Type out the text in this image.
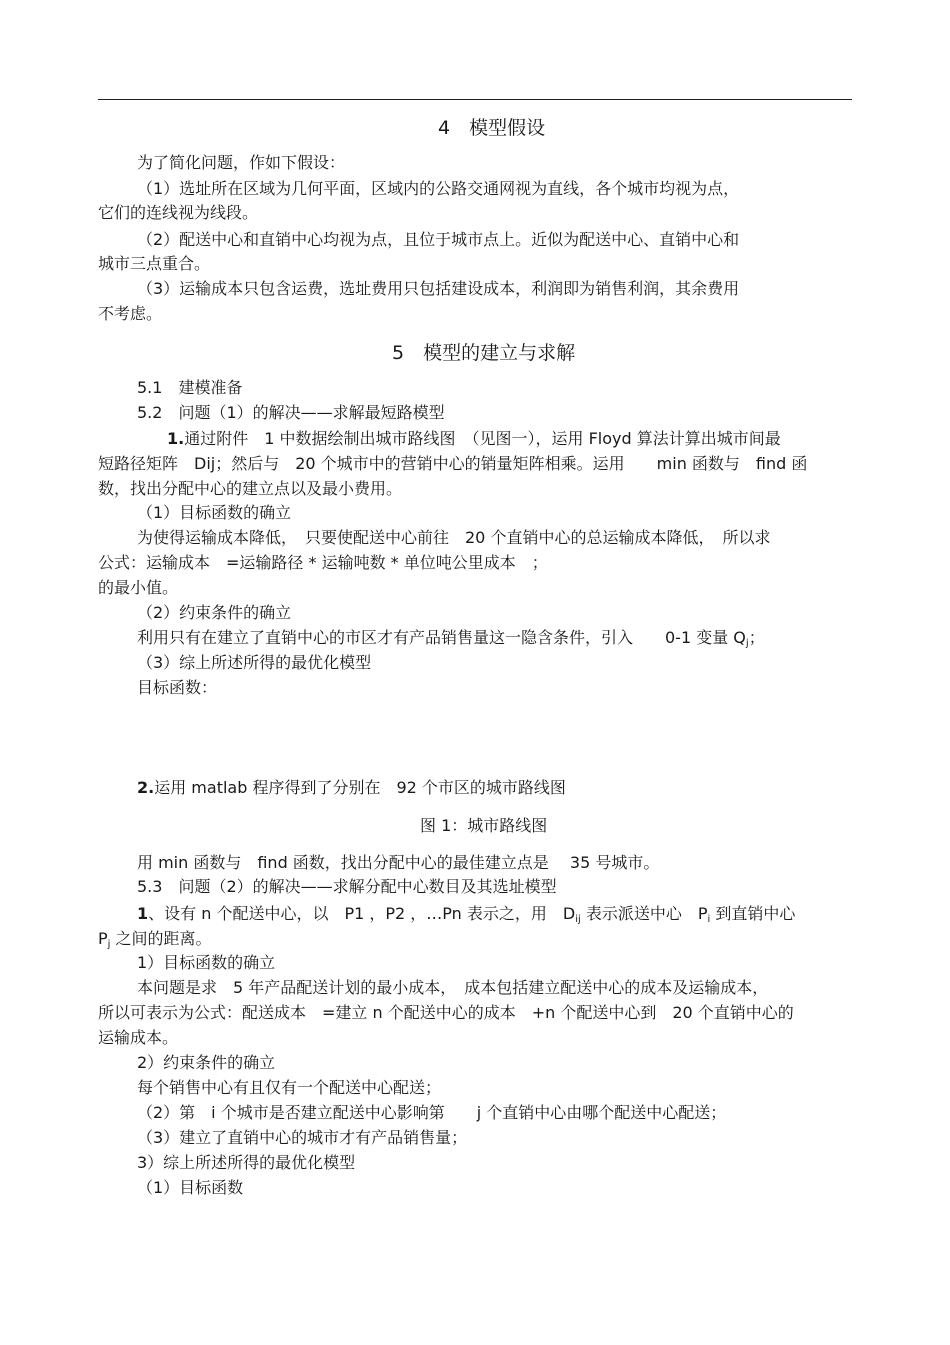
4　模型假设
为了简化问题，作如下假设：
（1）选址所在区域为几何平面，区域内的公路交通网视为直线，各个城市均视为点，
它们的连线视为线段。
（2）配送中心和直销中心均视为点，且位于城市点上。近似为配送中心、直销中心和
城市三点重合。
（3）运输成本只包含运费，选址费用只包括建设成本，利润即为销售利润，其余费用
不考虑。
5　模型的建立与求解
5.1　建模准备
5.2　问题（1）的解决——求解最短路模型
1.通过附件　1 中数据绘制出城市路线图　（见图一），运用 Floyd 算法计算出城市间最
短路径矩阵　Dij；然后与　20 个城市中的营销中心的销量矩阵相乘。运用　　min 函数与　find 函
数，找出分配中心的建立点以及最小费用。
（1）目标函数的确立
为使得运输成本降低，　只要使配送中心前往　20 个直销中心的总运输成本降低，　所以求
公式：运输成本　=运输路径 * 运输吨数 * 单位吨公里成本　；
的最小值。
（2）约束条件的确立
利用只有在建立了直销中心的市区才有产品销售量这一隐含条件，引入　　0-1 变量 $Q_j$；
（3）综上所述所得的最优化模型
目标函数：
2.运用 matlab 程序得到了分别在　92 个市区的城市路线图
图 1：城市路线图
用 min 函数与　find 函数，找出分配中心的最佳建立点是　 35 号城市。
5.3　问题（2）的解决——求解分配中心数目及其选址模型
1、设有 n 个配送中心，以　P1 ，P2 ，…Pn 表示之，用　$D_{ij}$ 表示派送中心　$P_i$ 到直销中心
$P_j$ 之间的距离。
1）目标函数的确立
本问题是求　5 年产品配送计划的最小成本，　成本包括建立配送中心的成本及运输成本，
所以可表示为公式：配送成本　=建立 n 个配送中心的成本　+n 个配送中心到　20 个直销中心的
运输成本。
2）约束条件的确立
每个销售中心有且仅有一个配送中心配送；
（2）第　i 个城市是否建立配送中心影响第　　j 个直销中心由哪个配送中心配送；
（3）建立了直销中心的城市才有产品销售量；
3）综上所述所得的最优化模型
（1）目标函数
